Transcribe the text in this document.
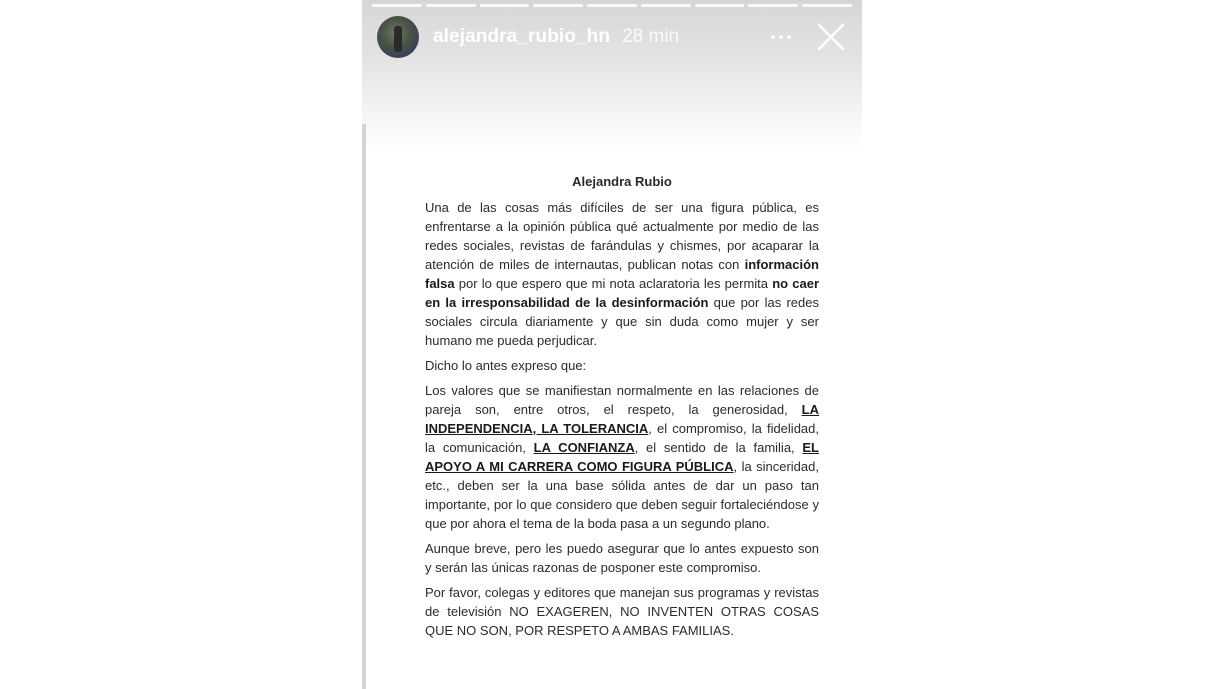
alejandra_rubio_hn 28 min
Alejandra Rubio

Una de las cosas más difíciles de ser una figura pública, es enfrentarse a la opinión pública qué actualmente por medio de las redes sociales, revistas de farándulas y chismes, por acaparar la atención de miles de internautas, publican notas con información falsa por lo que espero que mi nota aclaratoria les permita no caer en la irresponsabilidad de la desinformación que por las redes sociales circula diariamente y que sin duda como mujer y ser humano me pueda perjudicar.

Dicho lo antes expreso que:

Los valores que se manifiestan normalmente en las relaciones de pareja son, entre otros, el respeto, la generosidad, LA INDEPENDENCIA, LA TOLERANCIA, el compromiso, la fidelidad, la comunicación, LA CONFIANZA, el sentido de la familia, EL APOYO A MI CARRERA COMO FIGURA PÚBLICA, la sinceridad, etc., deben ser la una base sólida antes de dar un paso tan importante, por lo que considero que deben seguir fortaleciéndose y que por ahora el tema de la boda pasa a un segundo plano.

Aunque breve, pero les puedo asegurar que lo antes expuesto son y serán las únicas razonas de posponer este compromiso.

Por favor, colegas y editores que manejan sus programas y revistas de televisión NO EXAGEREN, NO INVENTEN OTRAS COSAS QUE NO SON, POR RESPETO A AMBAS FAMILIAS.
